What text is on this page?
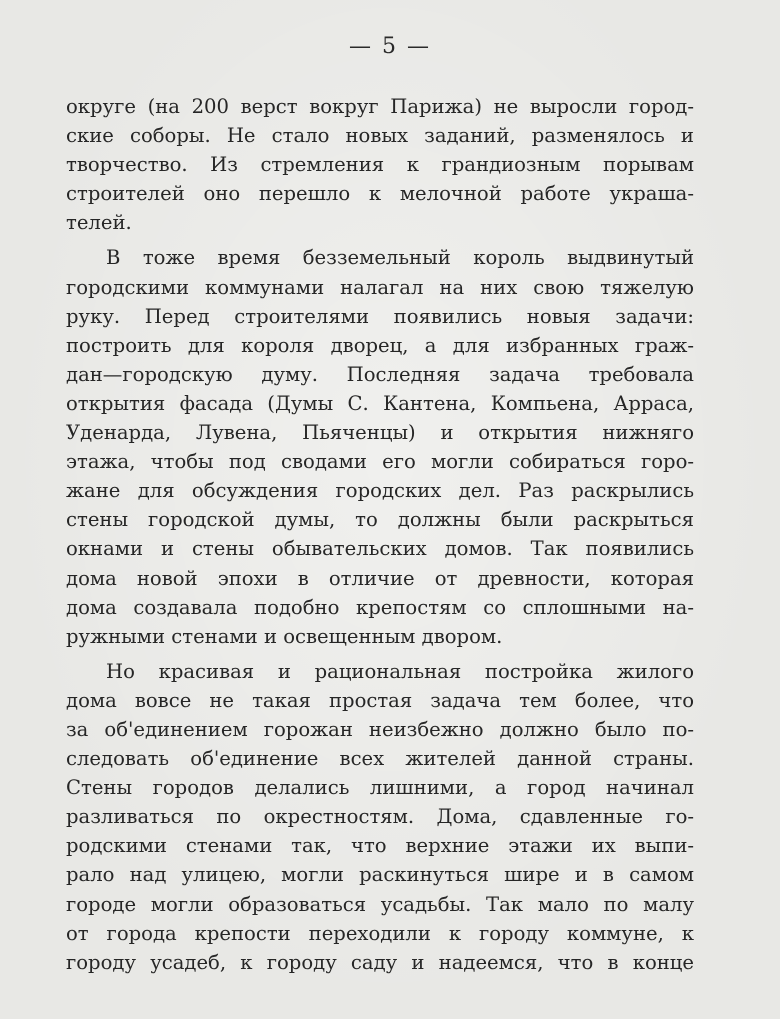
— 5 —
округе (на 200 верст вокруг Парижа) не выросли город-
ские соборы. Не стало новых заданий, разменялось и
творчество. Из стремления к грандиозным порывам
строителей оно перешло к мелочной работе украша-
телей.
В тоже время безземельный король выдвинутый
городскими коммунами налагал на них свою тяжелую
руку. Перед строителями появились новыя задачи:
построить для короля дворец, а для избранных граж-
дан—городскую думу. Последняя задача требовала
открытия фасада (Думы С. Кантена, Компьена, Арраса,
Уденарда, Лувена, Пьяченцы) и открытия нижняго
этажа, чтобы под сводами его могли собираться горо-
жане для обсуждения городских дел. Раз раскрылись
стены городской думы, то должны были раскрыться
окнами и стены обывательских домов. Так появились
дома новой эпохи в отличие от древности, которая
дома создавала подобно крепостям со сплошными на-
ружными стенами и освещенным двором.
Но красивая и рациональная постройка жилого
дома вовсе не такая простая задача тем более, что
за об'единением горожан неизбежно должно было по-
следовать об'единение всех жителей данной страны.
Стены городов делались лишними, а город начинал
разливаться по окрестностям. Дома, сдавленные го-
родскими стенами так, что верхние этажи их выпи-
рало над улицею, могли раскинуться шире и в самом
городе могли образоваться усадьбы. Так мало по малу
от города крепости переходили к городу коммуне, к
городу усадеб, к городу саду и надеемся, что в конце
